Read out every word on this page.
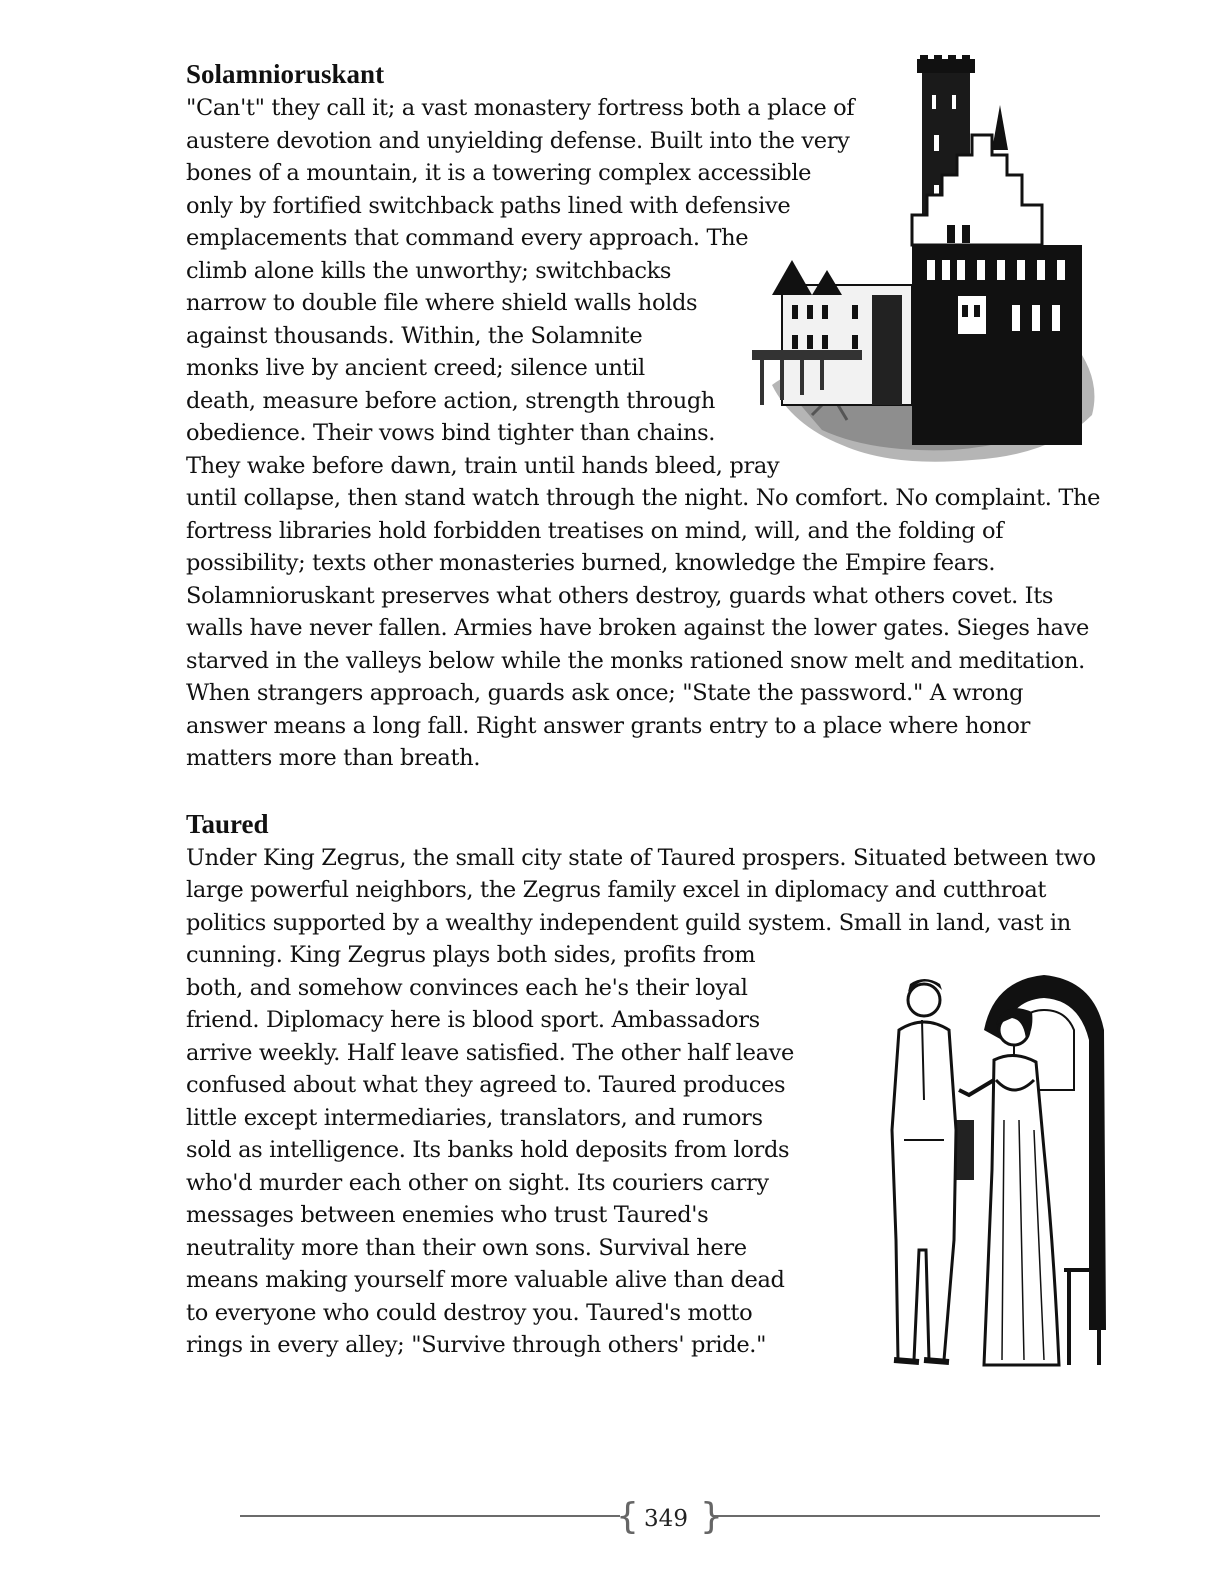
Solamnioruskant
"Can't" they call it; a vast monastery fortress both a place of
austere devotion and unyielding defense. Built into the very
bones of a mountain, it is a towering complex accessible
only by fortified switchback paths lined with defensive
emplacements that command every approach. The
climb alone kills the unworthy; switchbacks
narrow to double file where shield walls holds
against thousands. Within, the Solamnite
monks live by ancient creed; silence until
death, measure before action, strength through
obedience. Their vows bind tighter than chains.
They wake before dawn, train until hands bleed, pray
until collapse, then stand watch through the night. No comfort. No complaint. The
fortress libraries hold forbidden treatises on mind, will, and the folding of
possibility; texts other monasteries burned, knowledge the Empire fears.
Solamnioruskant preserves what others destroy, guards what others covet. Its
walls have never fallen. Armies have broken against the lower gates. Sieges have
starved in the valleys below while the monks rationed snow melt and meditation.
When strangers approach, guards ask once; "State the password." A wrong
answer means a long fall. Right answer grants entry to a place where honor
matters more than breath.
Taured
Under King Zegrus, the small city state of Taured prospers. Situated between two
large powerful neighbors, the Zegrus family excel in diplomacy and cutthroat
politics supported by a wealthy independent guild system. Small in land, vast in
cunning. King Zegrus plays both sides, profits from
both, and somehow convinces each he's their loyal
friend. Diplomacy here is blood sport. Ambassadors
arrive weekly. Half leave satisfied. The other half leave
confused about what they agreed to. Taured produces
little except intermediaries, translators, and rumors
sold as intelligence. Its banks hold deposits from lords
who'd murder each other on sight. Its couriers carry
messages between enemies who trust Taured's
neutrality more than their own sons. Survival here
means making yourself more valuable alive than dead
to everyone who could destroy you. Taured's motto
rings in every alley; "Survive through others' pride."
{ }
349
